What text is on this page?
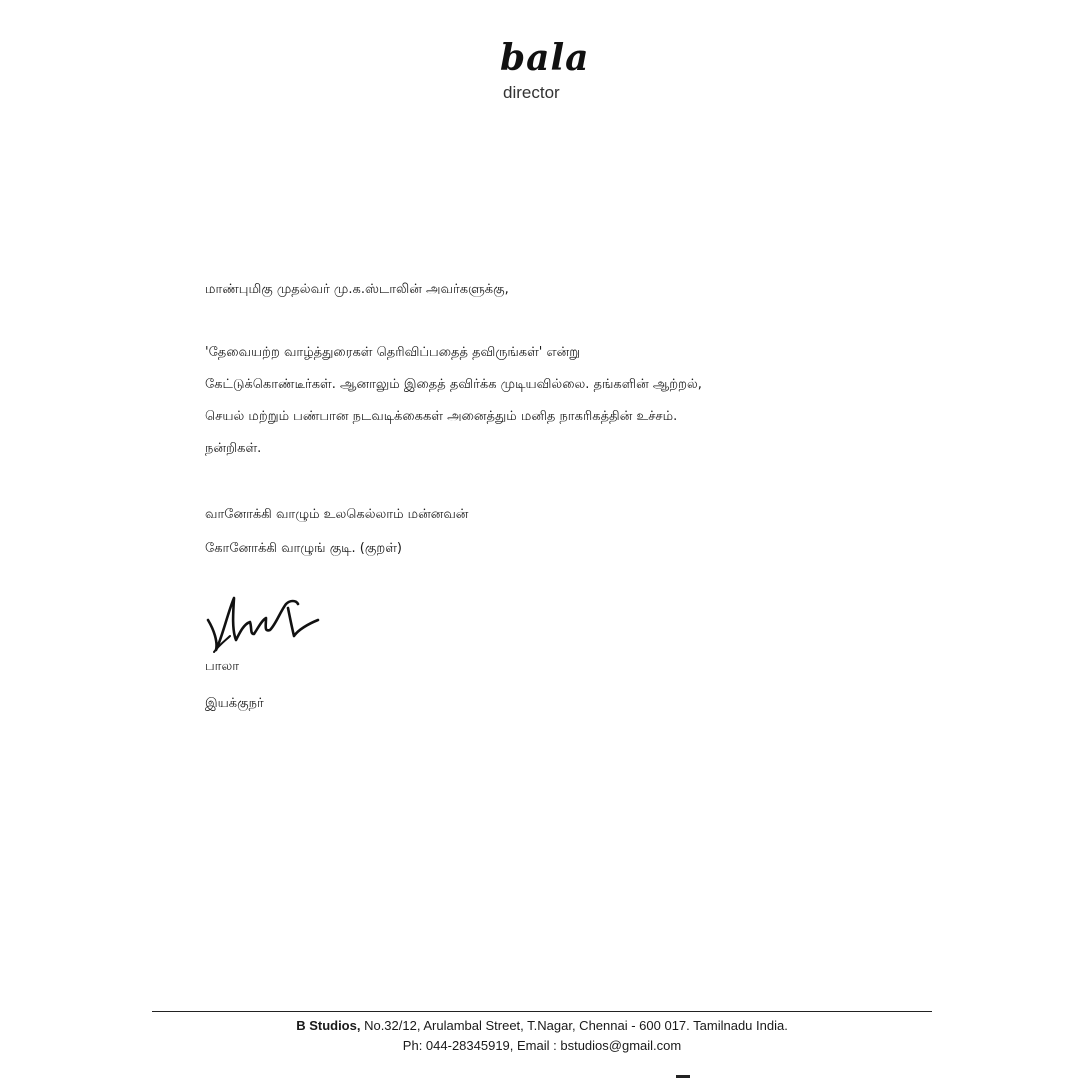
bala
director
மாண்புமிகு முதல்வர் மு.க.ஸ்டாலின் அவர்களுக்கு,
'தேவையற்ற வாழ்த்துரைகள் தெரிவிப்பதைத் தவிருங்கள்' என்று
கேட்டுக்கொண்டீர்கள். ஆனாலும் இதைத் தவிர்க்க முடியவில்லை. தங்களின் ஆற்றல்,
செயல் மற்றும் பண்பான நடவடிக்கைகள் அனைத்தும் மனித நாகரிகத்தின் உச்சம்.
நன்றிகள்.
வானோக்கி வாழும் உலகெல்லாம் மன்னவன்
கோனோக்கி வாழுங் குடி. (குறள்)
பாலா
இயக்குநர்
B Studios, No.32/12, Arulambal Street, T.Nagar, Chennai - 600 017. Tamilnadu India.
Ph: 044-28345919, Email : bstudios@gmail.com
